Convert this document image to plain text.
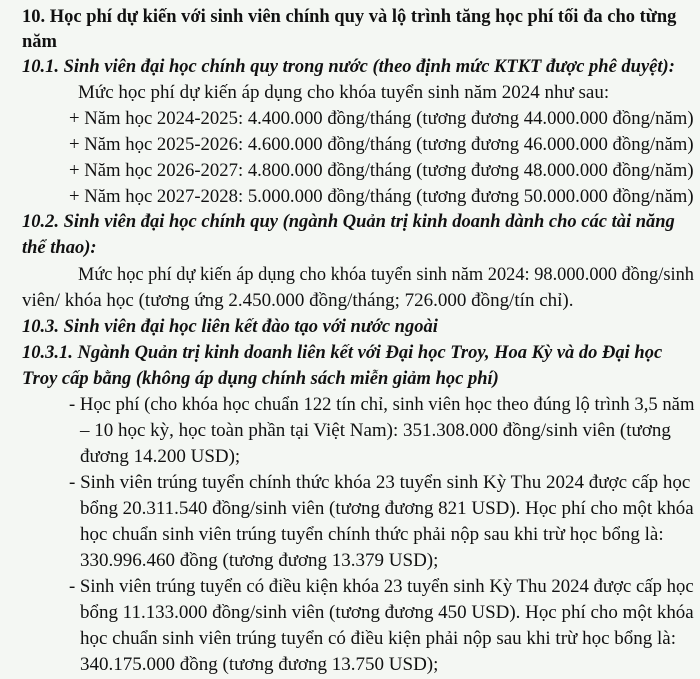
10. Học phí dự kiến với sinh viên chính quy và lộ trình tăng học phí tối đa cho từng
năm
10.1. Sinh viên đại học chính quy trong nước (theo định mức KTKT được phê duyệt):
Mức học phí dự kiến áp dụng cho khóa tuyển sinh năm 2024 như sau:
+ Năm học 2024-2025: 4.400.000 đồng/tháng (tương đương 44.000.000 đồng/năm)
+ Năm học 2025-2026: 4.600.000 đồng/tháng (tương đương 46.000.000 đồng/năm)
+ Năm học 2026-2027: 4.800.000 đồng/tháng (tương đương 48.000.000 đồng/năm)
+ Năm học 2027-2028: 5.000.000 đồng/tháng (tương đương 50.000.000 đồng/năm)
10.2. Sinh viên đại học chính quy (ngành Quản trị kinh doanh dành cho các tài năng
thể thao):
Mức học phí dự kiến áp dụng cho khóa tuyển sinh năm 2024: 98.000.000 đồng/sinh
viên/ khóa học (tương ứng 2.450.000 đồng/tháng; 726.000 đồng/tín chỉ).
10.3. Sinh viên đại học liên kết đào tạo với nước ngoài
10.3.1. Ngành Quản trị kinh doanh liên kết với Đại học Troy, Hoa Kỳ và do Đại học
Troy cấp bằng (không áp dụng chính sách miễn giảm học phí)
- Học phí (cho khóa học chuẩn 122 tín chỉ, sinh viên học theo đúng lộ trình 3,5 năm
– 10 học kỳ, học toàn phần tại Việt Nam): 351.308.000 đồng/sinh viên (tương
đương 14.200 USD);
- Sinh viên trúng tuyển chính thức khóa 23 tuyển sinh Kỳ Thu 2024 được cấp học
bổng 20.311.540 đồng/sinh viên (tương đương 821 USD). Học phí cho một khóa
học chuẩn sinh viên trúng tuyển chính thức phải nộp sau khi trừ học bổng là:
330.996.460 đồng (tương đương 13.379 USD);
- Sinh viên trúng tuyển có điều kiện khóa 23 tuyển sinh Kỳ Thu 2024 được cấp học
bổng 11.133.000 đồng/sinh viên (tương đương 450 USD). Học phí cho một khóa
học chuẩn sinh viên trúng tuyển có điều kiện phải nộp sau khi trừ học bổng là:
340.175.000 đồng (tương đương 13.750 USD);
